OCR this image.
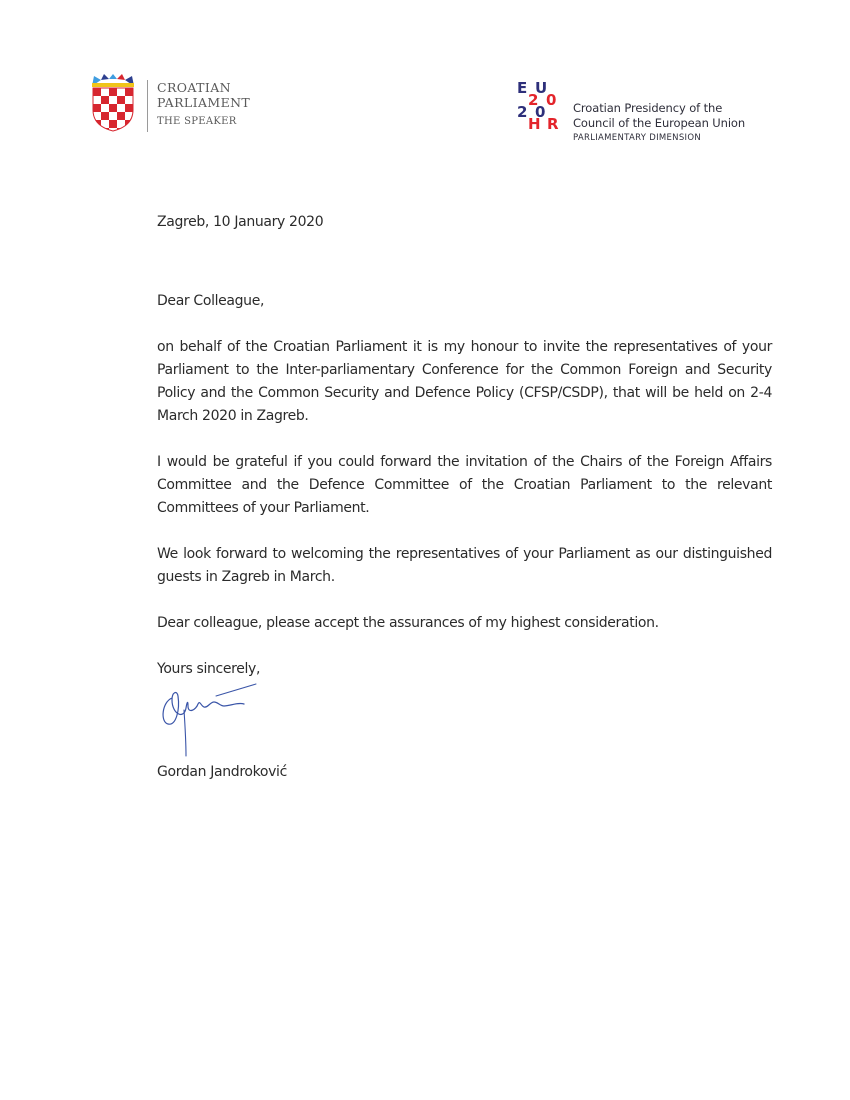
CROATIAN
PARLIAMENT
THE SPEAKER
E U
2 0
2 0
H R
Croatian Presidency of the
Council of the European Union
PARLIAMENTARY DIMENSION
Zagreb, 10 January 2020
Dear Colleague,
on behalf of the Croatian Parliament it is my honour to invite the representatives of your Parliament to the Inter-parliamentary Conference for the Common Foreign and Security Policy and the Common Security and Defence Policy (CFSP/CSDP), that will be held on 2-4 March 2020 in Zagreb.
I would be grateful if you could forward the invitation of the Chairs of the Foreign Affairs Committee and the Defence Committee of the Croatian Parliament to the relevant Committees of your Parliament.
We look forward to welcoming the representatives of your Parliament as our distinguished guests in Zagreb in March.
Dear colleague, please accept the assurances of my highest consideration.
Yours sincerely,
Gordan Jandroković
